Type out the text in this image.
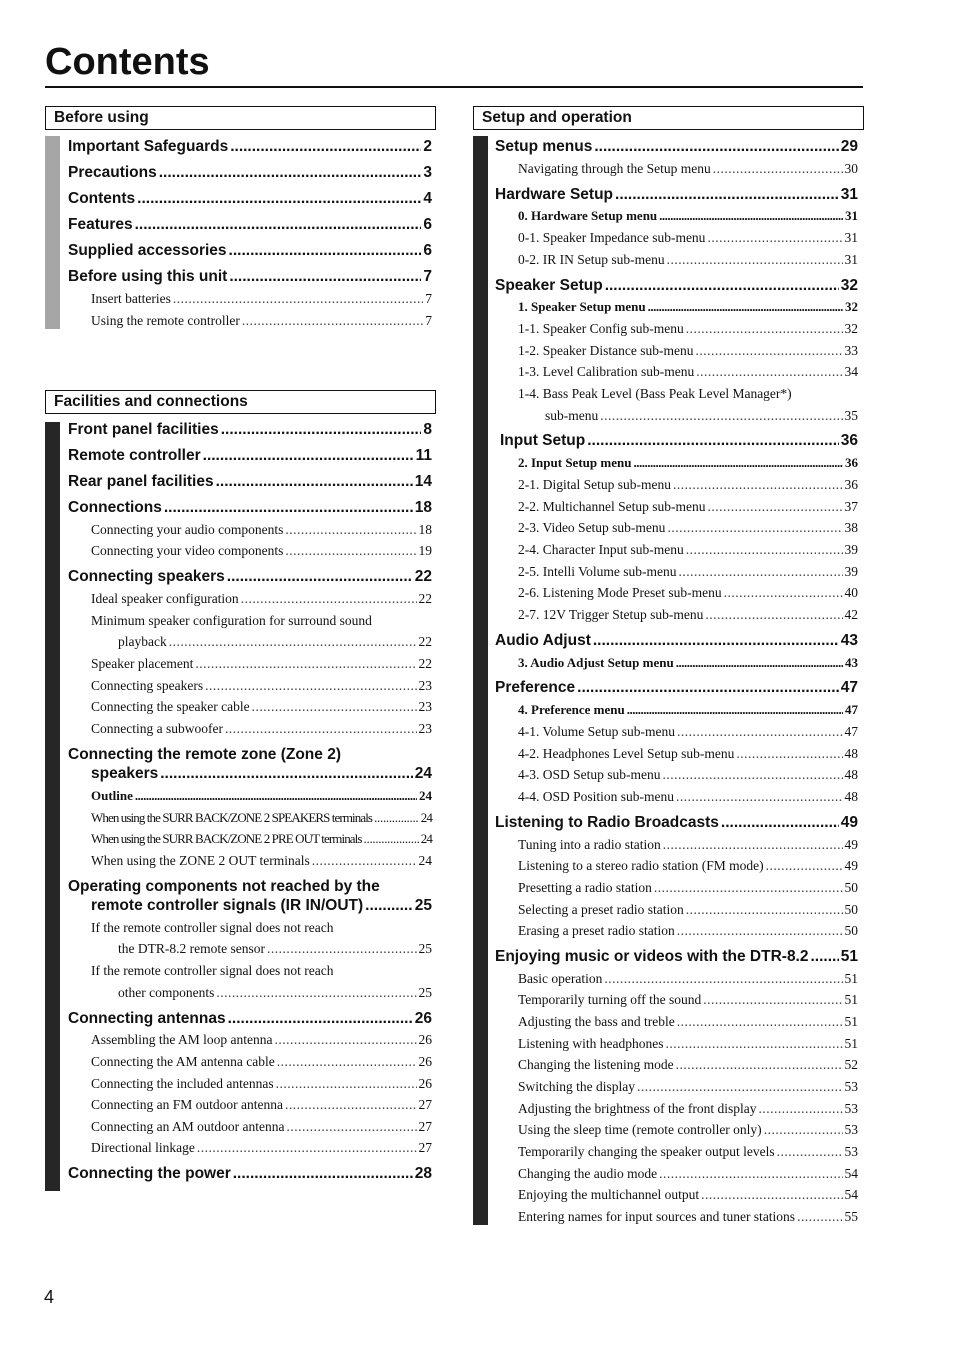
Contents
Before using
Important Safeguards .....	2
Precautions .....	3
Contents .....	4
Features .....	6
Supplied accessories .....	6
Before using this unit .....	7
Insert batteries .....	7
Using the remote controller .....	7
Facilities and connections
Front panel facilities .....	8
Remote controller .....	11
Rear panel facilities .....	14
Connections .....	18
Connecting your audio components .....	18
Connecting your video components .....	19
Connecting speakers .....	22
Ideal speaker configuration .....	22
Minimum speaker configuration for surround sound
playback .....	22
Speaker placement .....	22
Connecting speakers .....	23
Connecting the speaker cable .....	23
Connecting a subwoofer .....	23
Connecting the remote zone (Zone 2)
speakers .....	24
Outline .....	24
When using the SURR BACK/ZONE 2 SPEAKERS terminals .....	24
When using the SURR BACK/ZONE 2 PRE OUT terminals .....	24
When using the ZONE 2 OUT terminals .....	24
Operating components not reached by the
remote controller signals (IR IN/OUT) .....	25
If the remote controller signal does not reach
the DTR-8.2 remote sensor .....	25
If the remote controller signal does not reach
other components .....	25
Connecting antennas .....	26
Assembling the AM loop antenna .....	26
Connecting the AM antenna cable .....	26
Connecting the included antennas .....	26
Connecting an FM outdoor antenna .....	27
Connecting an AM outdoor antenna .....	27
Directional linkage .....	27
Connecting the power .....	28
Setup and operation
Setup menus .....	29
Navigating through the Setup menu .....	30
Hardware Setup .....	31
0. Hardware Setup menu .....	31
0-1. Speaker Impedance sub-menu .....	31
0-2. IR IN Setup sub-menu .....	31
Speaker Setup .....	32
1. Speaker Setup menu .....	32
1-1. Speaker Config sub-menu .....	32
1-2. Speaker Distance sub-menu .....	33
1-3. Level Calibration sub-menu .....	34
1-4. Bass Peak Level (Bass Peak Level Manager*)
sub-menu .....	35
Input Setup .....	36
2. Input Setup menu .....	36
2-1. Digital Setup sub-menu .....	36
2-2. Multichannel Setup sub-menu .....	37
2-3. Video Setup sub-menu .....	38
2-4. Character Input sub-menu .....	39
2-5. Intelli Volume sub-menu .....	39
2-6. Listening Mode Preset sub-menu .....	40
2-7. 12V Trigger Stetup sub-menu .....	42
Audio Adjust .....	43
3. Audio Adjust Setup menu .....	43
Preference .....	47
4. Preference menu .....	47
4-1. Volume Setup sub-menu .....	47
4-2. Headphones Level Setup sub-menu .....	48
4-3. OSD Setup sub-menu .....	48
4-4. OSD Position sub-menu .....	48
Listening to Radio Broadcasts .....	49
Tuning into a radio station .....	49
Listening to a stereo radio station (FM mode) .....	49
Presetting a radio station .....	50
Selecting a preset radio station .....	50
Erasing a preset radio station .....	50
Enjoying music or videos with the DTR-8.2 ..... 51
Basic operation .....	51
Temporarily turning off the sound .....	51
Adjusting the bass and treble .....	51
Listening with headphones .....	51
Changing the listening mode .....	52
Switching the display .....	53
Adjusting the brightness of the front display .....	53
Using the sleep time (remote controller only) .....	53
Temporarily changing the speaker output levels .....	53
Changing the audio mode .....	54
Enjoying the multichannel output .....	54
Entering names for input sources and tuner stations .....	55
4
